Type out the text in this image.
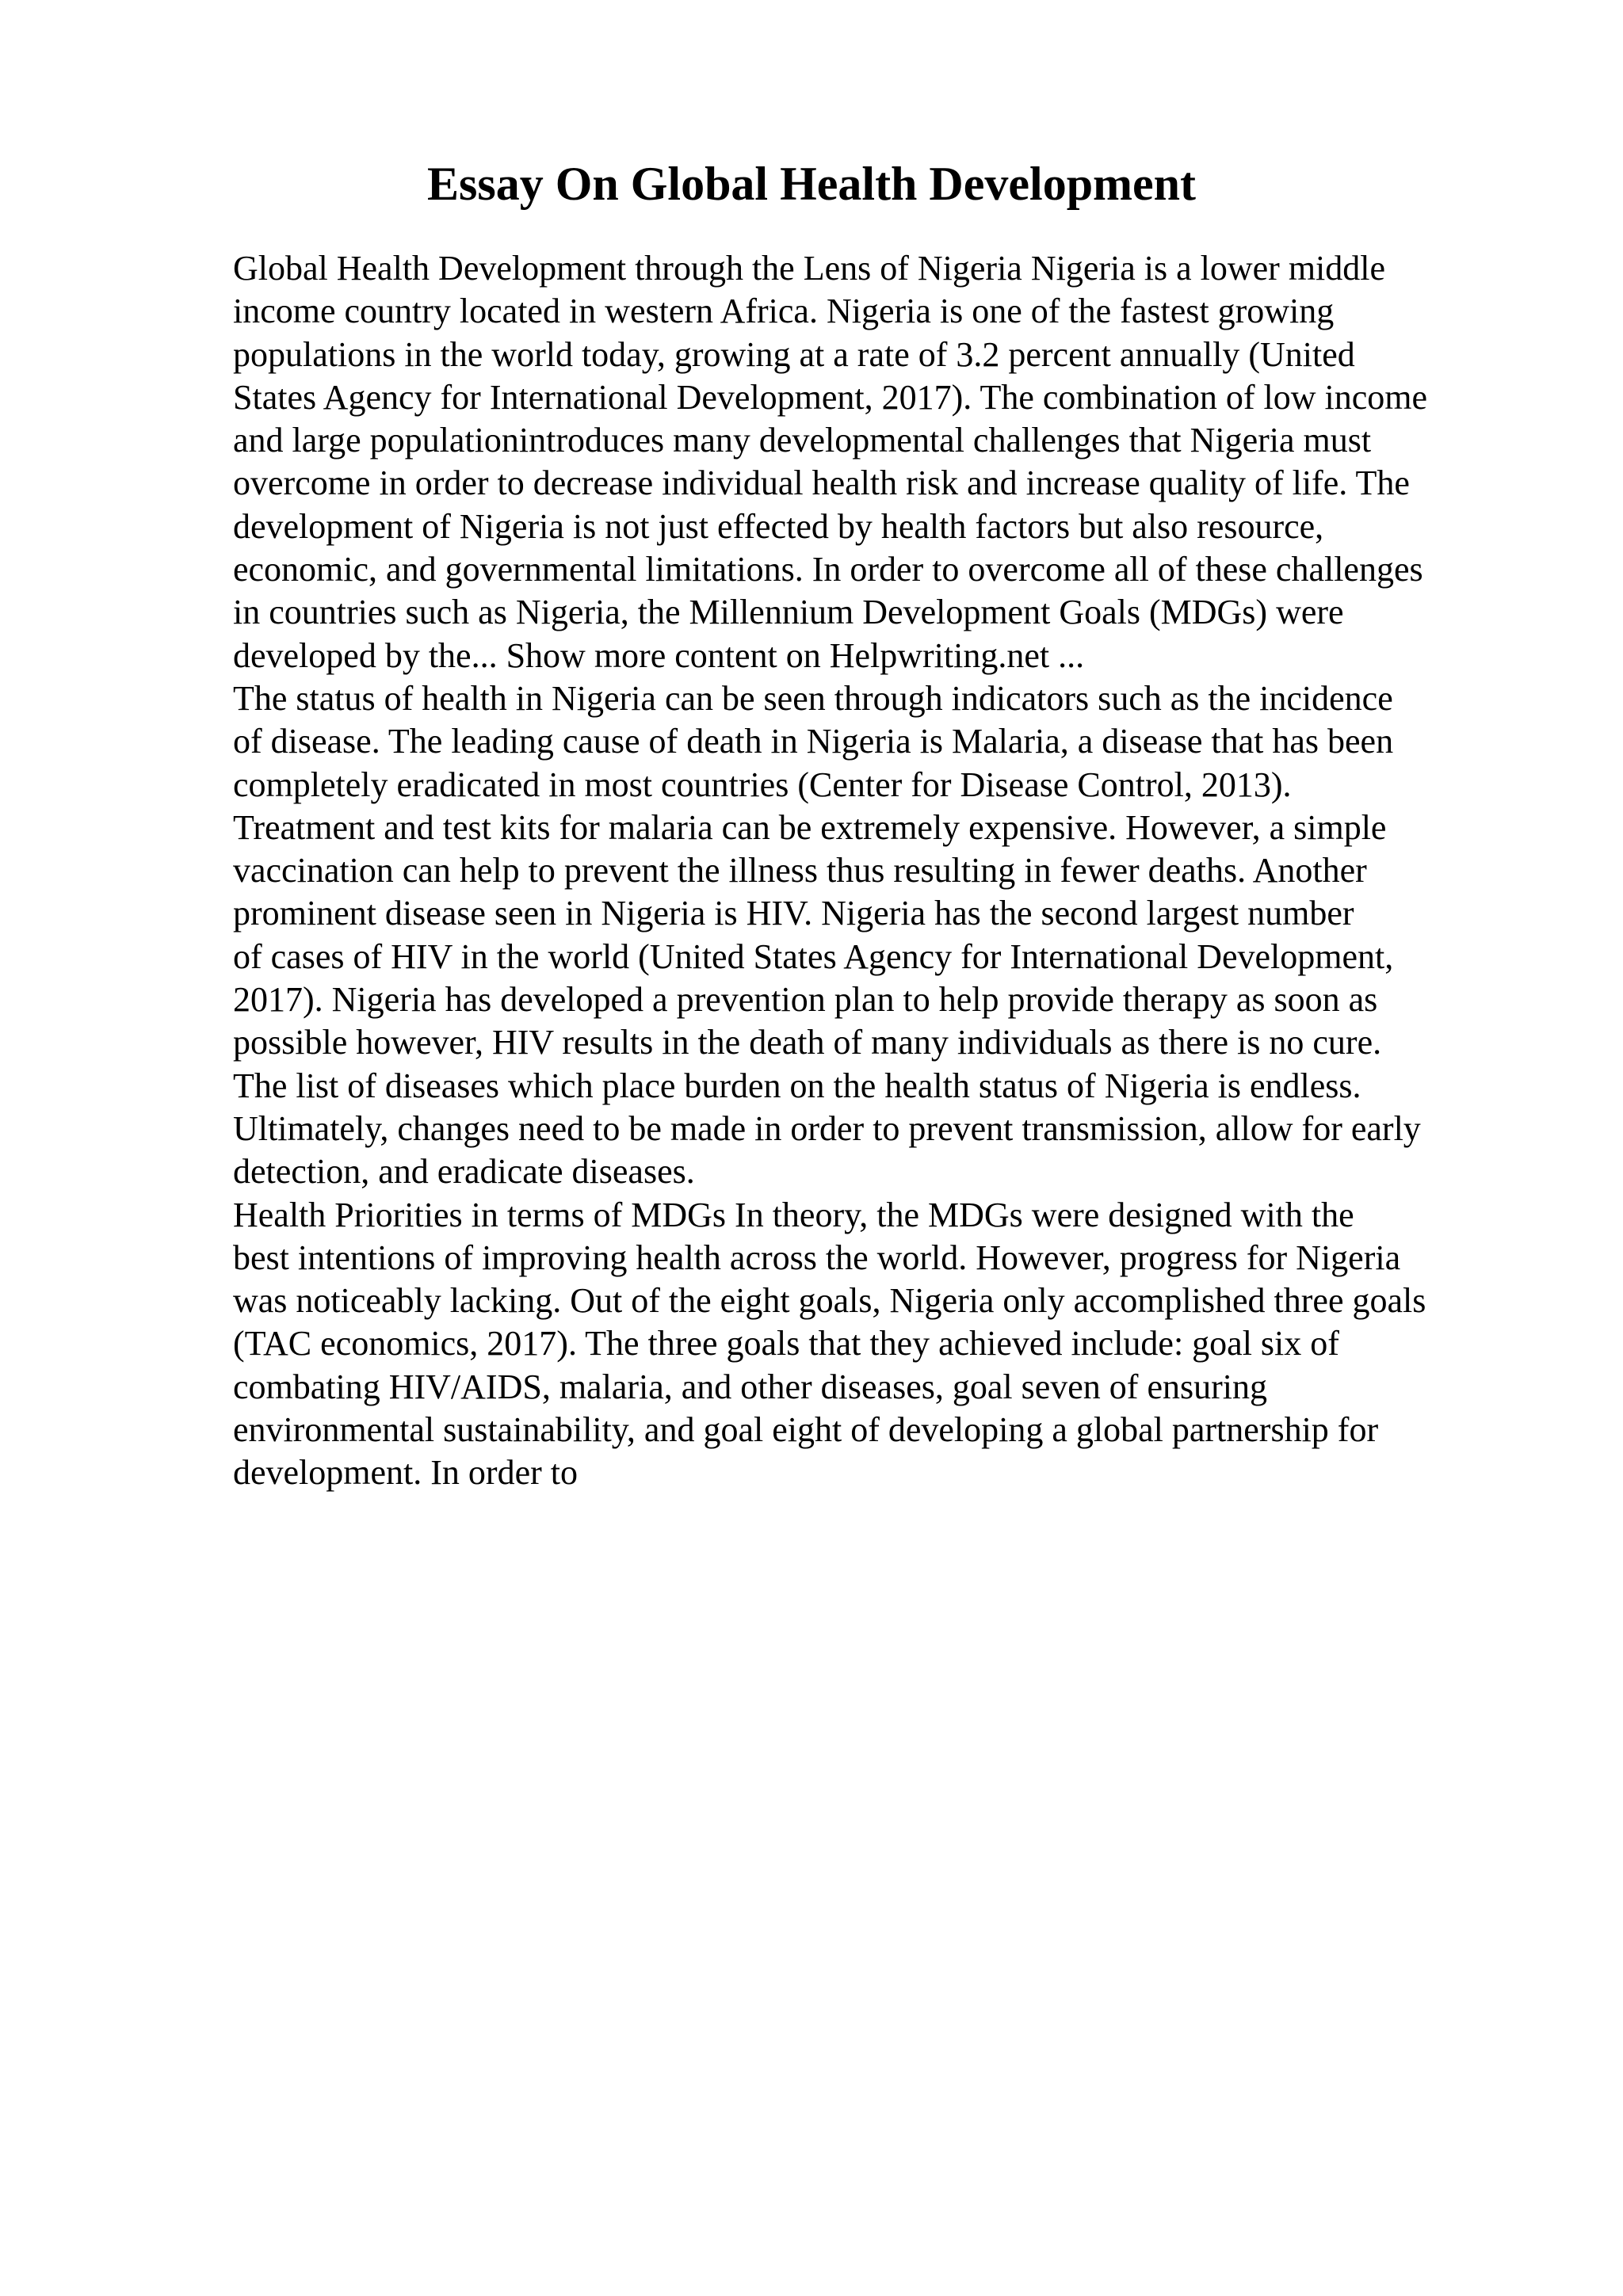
Essay On Global Health Development
Global Health Development through the Lens of Nigeria Nigeria is a lower middle
income country located in western Africa. Nigeria is one of the fastest growing
populations in the world today, growing at a rate of 3.2 percent annually (United
States Agency for International Development, 2017). The combination of low income
and large populationintroduces many developmental challenges that Nigeria must
overcome in order to decrease individual health risk and increase quality of life. The
development of Nigeria is not just effected by health factors but also resource,
economic, and governmental limitations. In order to overcome all of these challenges
in countries such as Nigeria, the Millennium Development Goals (MDGs) were
developed by the... Show more content on Helpwriting.net ...
The status of health in Nigeria can be seen through indicators such as the incidence
of disease. The leading cause of death in Nigeria is Malaria, a disease that has been
completely eradicated in most countries (Center for Disease Control, 2013).
Treatment and test kits for malaria can be extremely expensive. However, a simple
vaccination can help to prevent the illness thus resulting in fewer deaths. Another
prominent disease seen in Nigeria is HIV. Nigeria has the second largest number
of cases of HIV in the world (United States Agency for International Development,
2017). Nigeria has developed a prevention plan to help provide therapy as soon as
possible however, HIV results in the death of many individuals as there is no cure.
The list of diseases which place burden on the health status of Nigeria is endless.
Ultimately, changes need to be made in order to prevent transmission, allow for early
detection, and eradicate diseases.
Health Priorities in terms of MDGs In theory, the MDGs were designed with the
best intentions of improving health across the world. However, progress for Nigeria
was noticeably lacking. Out of the eight goals, Nigeria only accomplished three goals
(TAC economics, 2017). The three goals that they achieved include: goal six of
combating HIV/AIDS, malaria, and other diseases, goal seven of ensuring
environmental sustainability, and goal eight of developing a global partnership for
development. In order to
